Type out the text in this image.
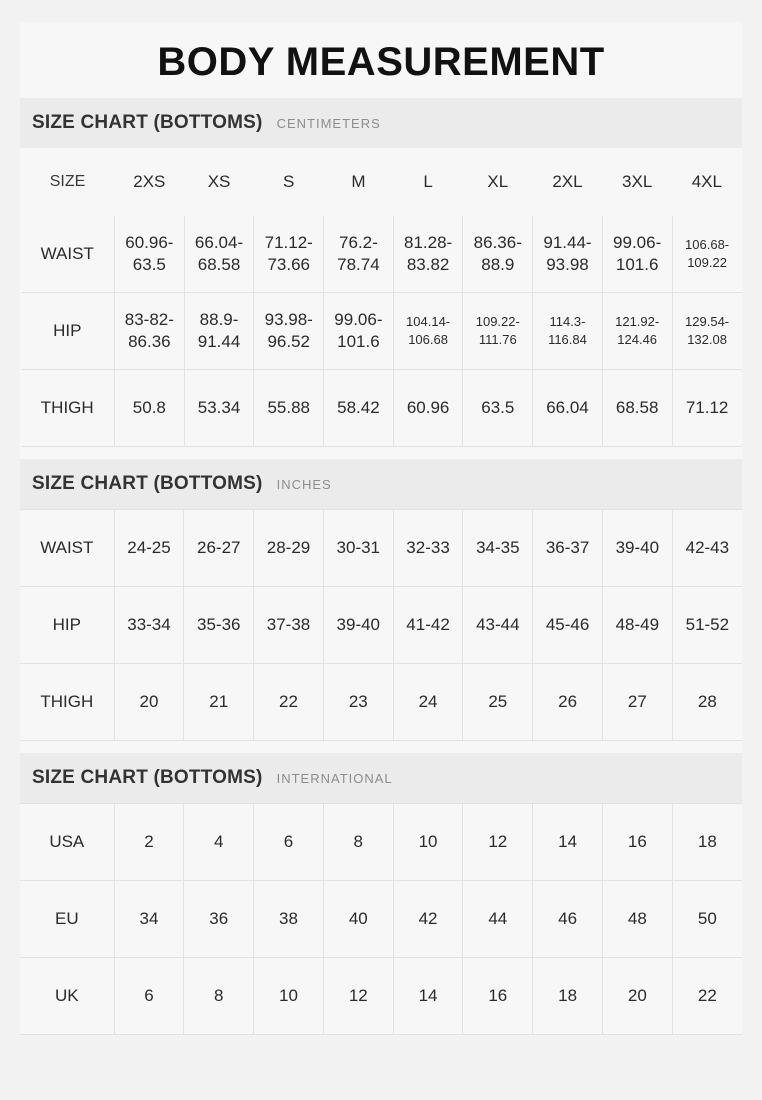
BODY MEASUREMENT
SIZE CHART (BOTTOMS) CENTIMETERS
SIZE	2XS	XS	S	M	L	XL	2XL	3XL	4XL
WAIST	60.96-63.5	66.04-68.58	71.12-73.66	76.2-78.74	81.28-83.82	86.36-88.9	91.44-93.98	99.06-101.6	106.68-109.22
HIP	83-82-86.36	88.9-91.44	93.98-96.52	99.06-101.6	104.14-106.68	109.22-111.76	114.3-116.84	121.92-124.46	129.54-132.08
THIGH	50.8	53.34	55.88	58.42	60.96	63.5	66.04	68.58	71.12
SIZE CHART (BOTTOMS) INCHES
WAIST	24-25	26-27	28-29	30-31	32-33	34-35	36-37	39-40	42-43
HIP	33-34	35-36	37-38	39-40	41-42	43-44	45-46	48-49	51-52
THIGH	20	21	22	23	24	25	26	27	28
SIZE CHART (BOTTOMS) INTERNATIONAL
USA	2	4	6	8	10	12	14	16	18
EU	34	36	38	40	42	44	46	48	50
UK	6	8	10	12	14	16	18	20	22
